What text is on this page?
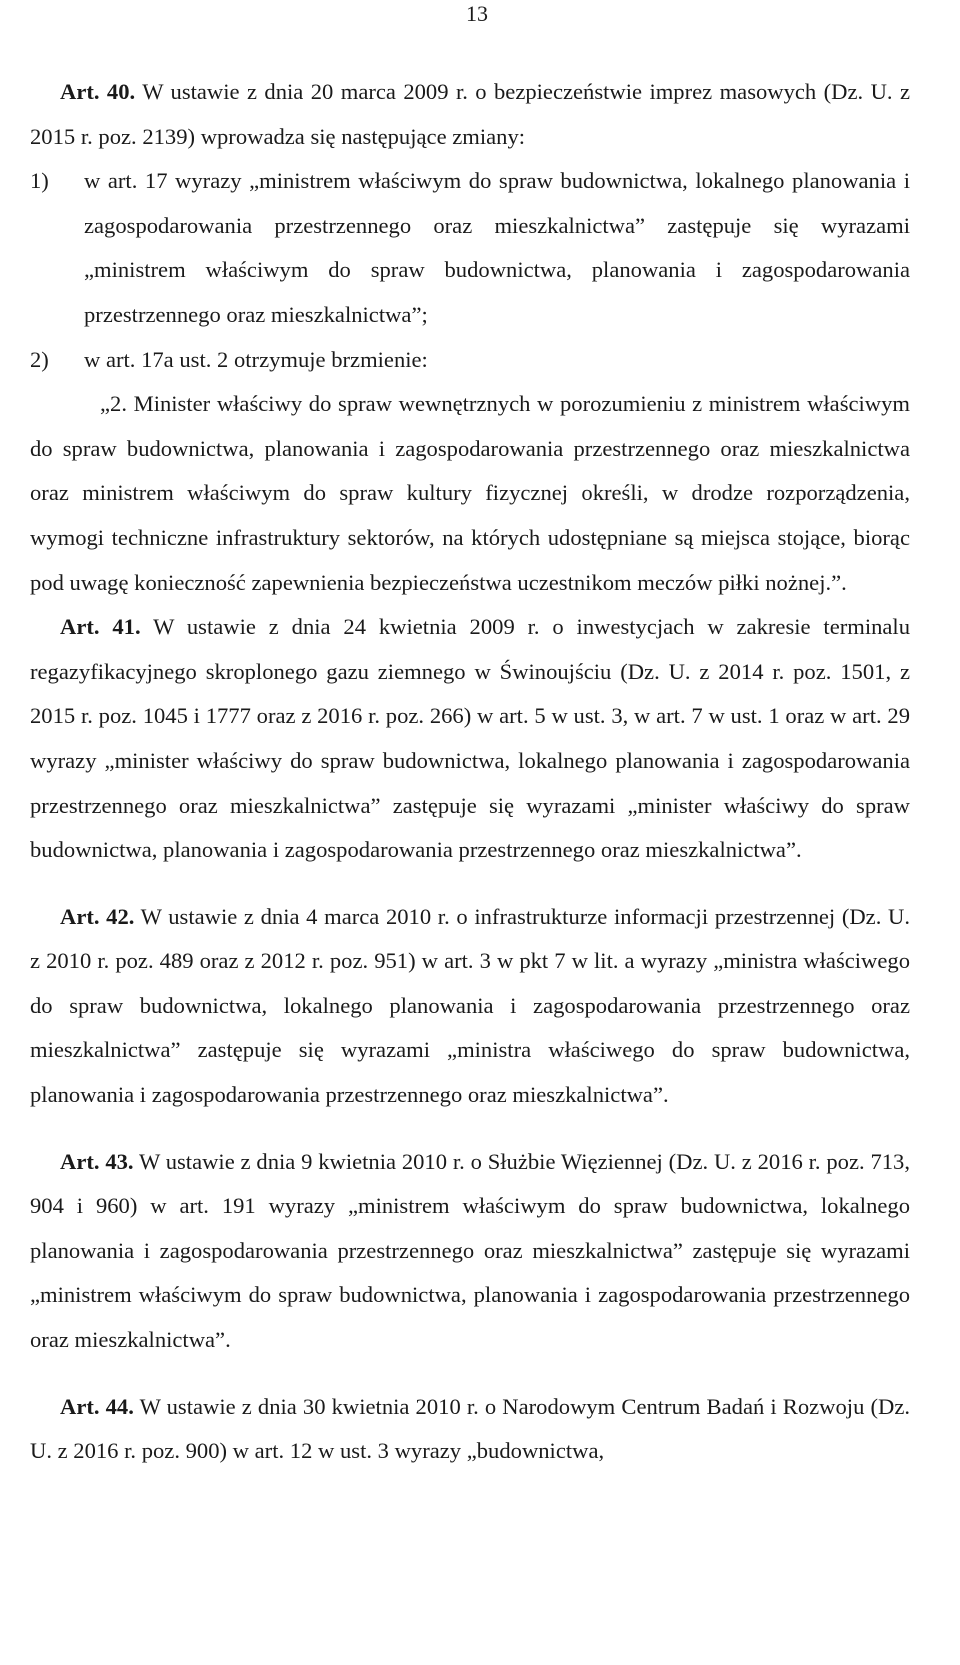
13

Art. 40. W ustawie z dnia 20 marca 2009 r. o bezpieczeństwie imprez masowych (Dz. U. z 2015 r. poz. 2139) wprowadza się następujące zmiany:

1)	w art. 17 wyrazy „ministrem właściwym do spraw budownictwa, lokalnego planowania i zagospodarowania przestrzennego oraz mieszkalnictwa” zastępuje się wyrazami „ministrem właściwym do spraw budownictwa, planowania i zagospodarowania przestrzennego oraz mieszkalnictwa”;
2)	w art. 17a ust. 2 otrzymuje brzmienie:

„2. Minister właściwy do spraw wewnętrznych w porozumieniu z ministrem właściwym do spraw budownictwa, planowania i zagospodarowania przestrzennego oraz mieszkalnictwa oraz ministrem właściwym do spraw kultury fizycznej określi, w drodze rozporządzenia, wymogi techniczne infrastruktury sektorów, na których udostępniane są miejsca stojące, biorąc pod uwagę konieczność zapewnienia bezpieczeństwa uczestnikom meczów piłki nożnej.”.

Art. 41. W ustawie z dnia 24 kwietnia 2009 r. o inwestycjach w zakresie terminalu regazyfikacyjnego skroplonego gazu ziemnego w Świnoujściu (Dz. U. z 2014 r. poz. 1501, z 2015 r. poz. 1045 i 1777 oraz z 2016 r. poz. 266) w art. 5 w ust. 3, w art. 7 w ust. 1 oraz w art. 29 wyrazy „minister właściwy do spraw budownictwa, lokalnego planowania i zagospodarowania przestrzennego oraz mieszkalnictwa” zastępuje się wyrazami „minister właściwy do spraw budownictwa, planowania i zagospodarowania przestrzennego oraz mieszkalnictwa”.

Art. 42. W ustawie z dnia 4 marca 2010 r. o infrastrukturze informacji przestrzennej (Dz. U. z 2010 r. poz. 489 oraz z 2012 r. poz. 951) w art. 3 w pkt 7 w lit. a wyrazy „ministra właściwego do spraw budownictwa, lokalnego planowania i zagospodarowania przestrzennego oraz mieszkalnictwa” zastępuje się wyrazami „ministra właściwego do spraw budownictwa, planowania i zagospodarowania przestrzennego oraz mieszkalnictwa”.

Art. 43. W ustawie z dnia 9 kwietnia 2010 r. o Służbie Więziennej (Dz. U. z 2016 r. poz. 713, 904 i 960) w art. 191 wyrazy „ministrem właściwym do spraw budownictwa, lokalnego planowania i zagospodarowania przestrzennego oraz mieszkalnictwa” zastępuje się wyrazami „ministrem właściwym do spraw budownictwa, planowania i zagospodarowania przestrzennego oraz mieszkalnictwa”.

Art. 44. W ustawie z dnia 30 kwietnia 2010 r. o Narodowym Centrum Badań i Rozwoju (Dz. U. z 2016 r. poz. 900) w art. 12 w ust. 3 wyrazy „budownictwa,
